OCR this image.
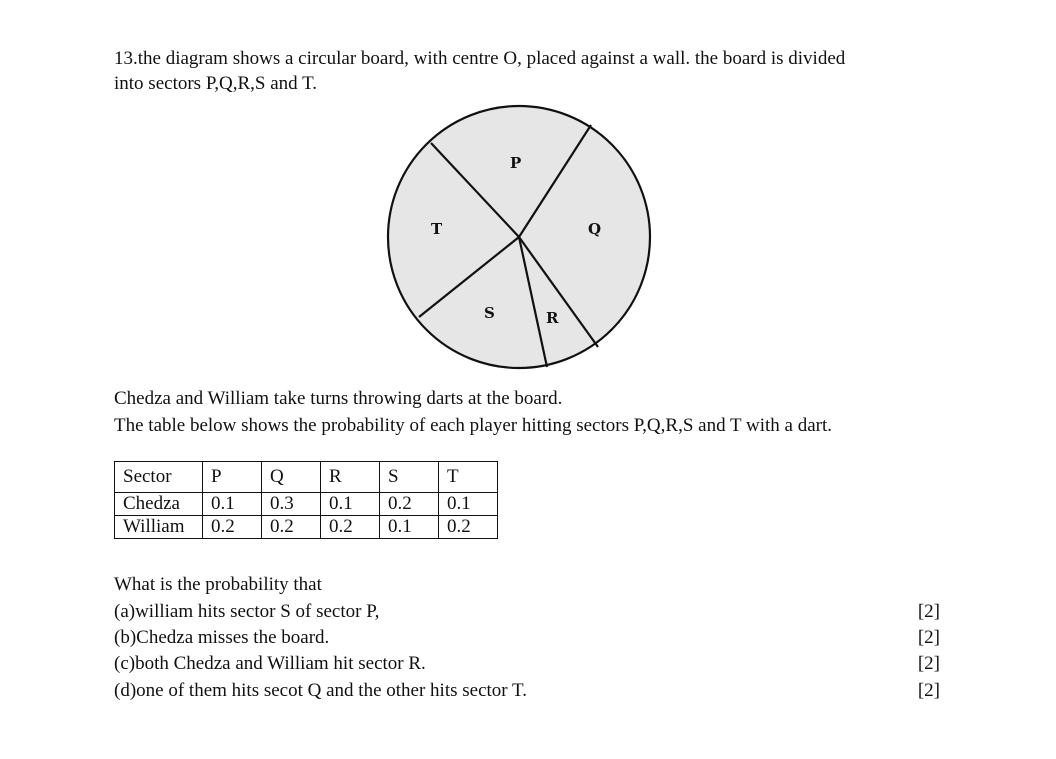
13.the diagram shows a circular board, with centre O, placed against a wall. the board is divided
into sectors P,Q,R,S and T.
P
Q
R
S
T
Chedza and William take turns throwing darts at the board.
The table below shows the probability of each player hitting sectors P,Q,R,S and T with a dart.
Sector	P	Q	R	S	T
Chedza	0.1	0.3	0.1	0.2	0.1
William	0.2	0.2	0.2	0.1	0.2
What is the probability that
(a)william hits sector S of sector P,	[2]
(b)Chedza misses the board.	[2]
(c)both Chedza and William hit sector R.	[2]
(d)one of them hits secot Q and the other hits sector T.	[2]
